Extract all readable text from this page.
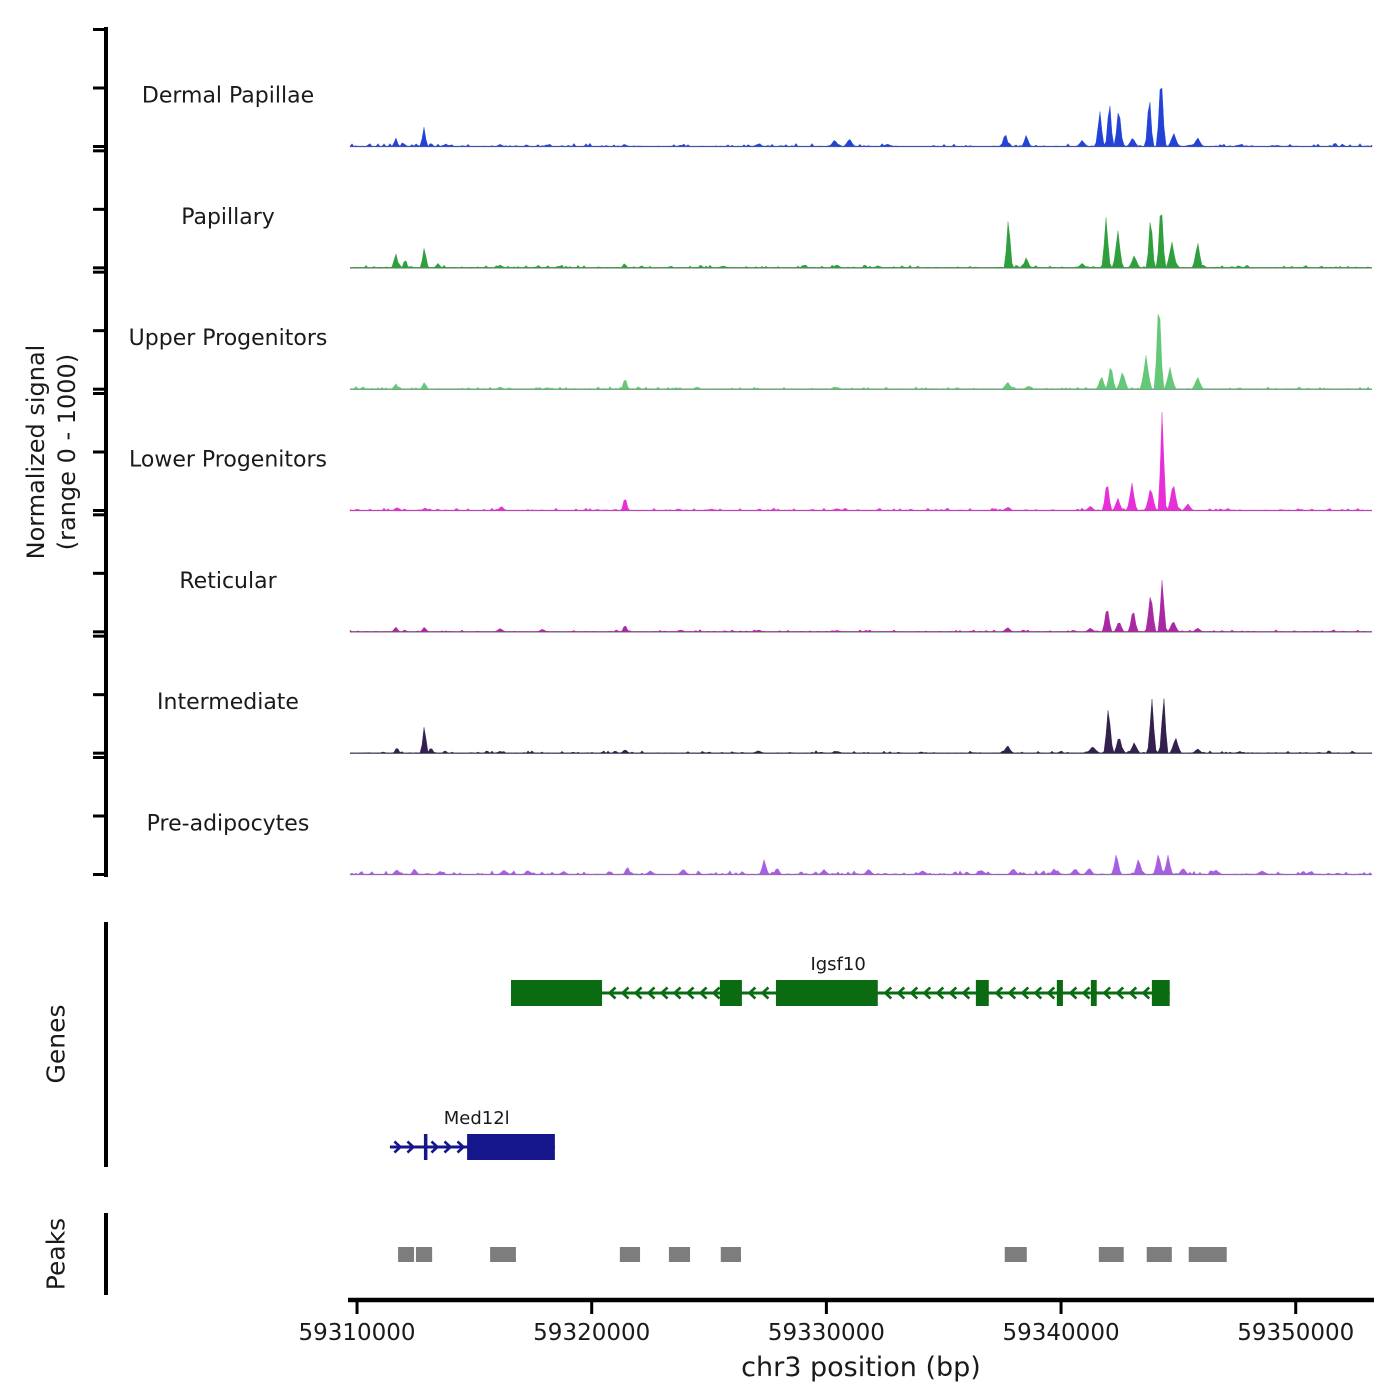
Dermal Papillae
Papillary
Upper Progenitors
Lower Progenitors
Reticular
Intermediate
Pre-adipocytes
Igsf10
Med12l
59310000	59320000	59330000	59340000	59350000
Normalized signal (range 0 - 1000)
Genes
Peaks
chr3 position (bp)
